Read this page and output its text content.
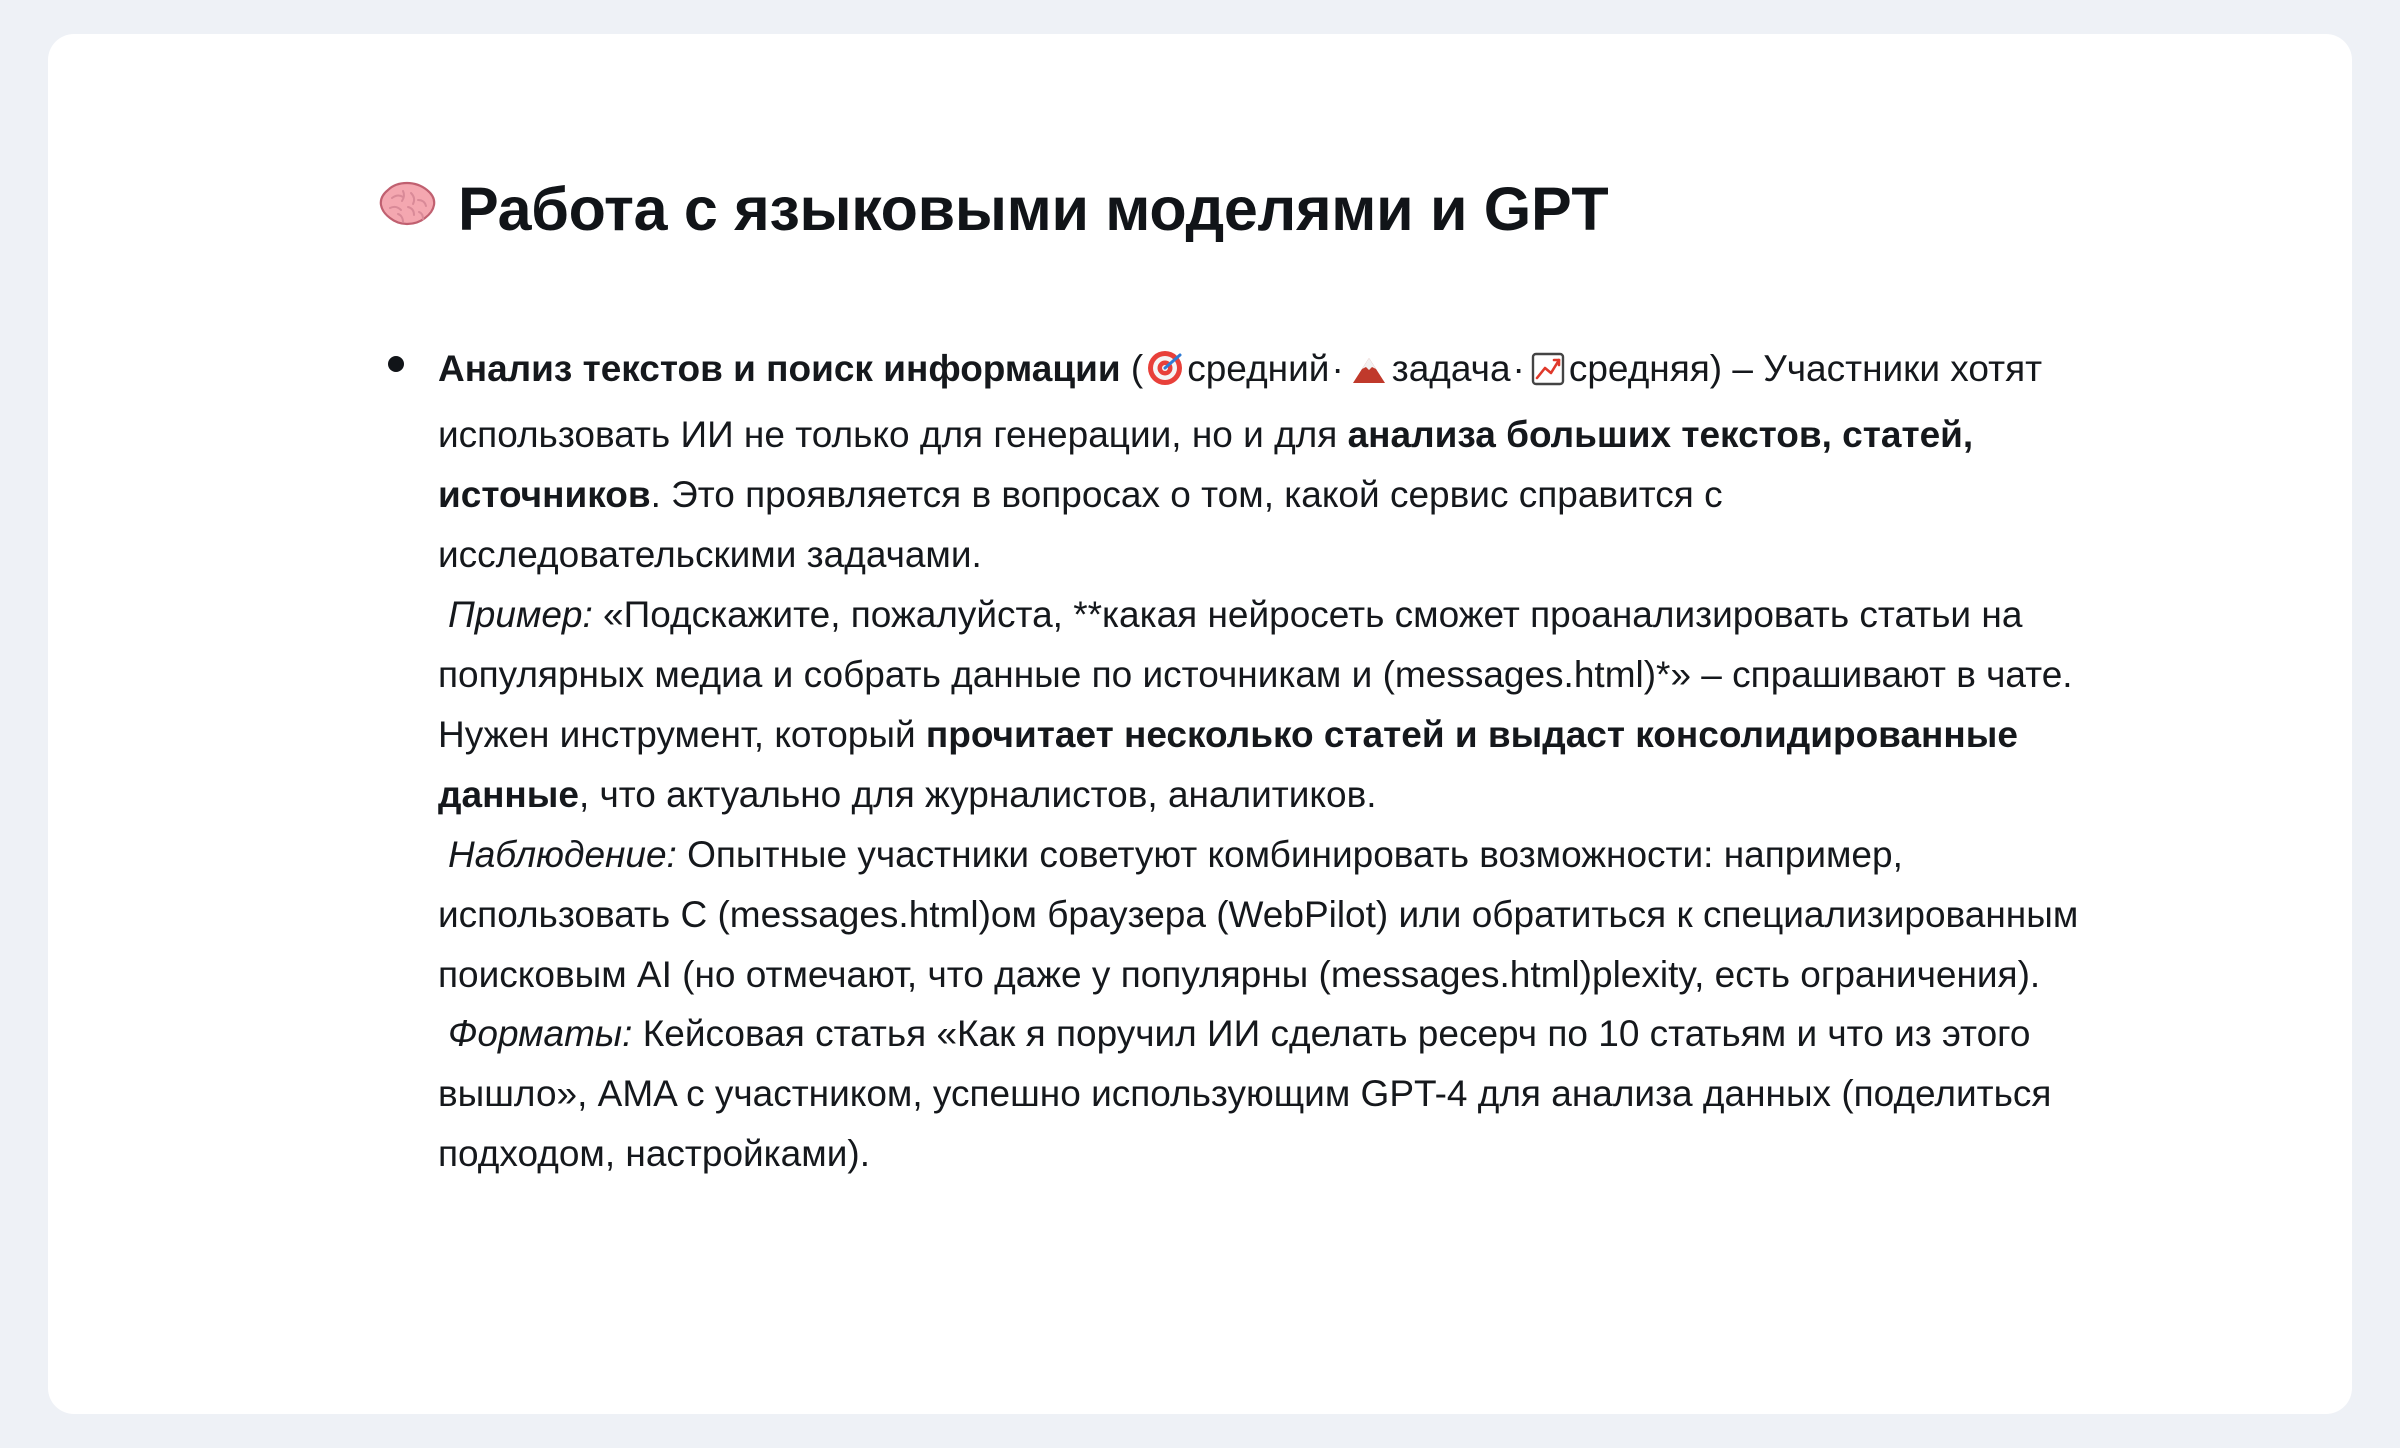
Работа с языковыми моделями и GPT
Анализ текстов и поиск информации ( средний· задача· средняя) – Участники хотят использовать ИИ не только для генерации, но и для анализа больших текстов, статей, источников. Это проявляется в вопросах о том, какой сервис справится с исследовательскими задачами.
Пример: «Подскажите, пожалуйста, **какая нейросеть сможет проанализировать статьи на популярных медиа и собрать данные по источникам и (messages.html)*» – спрашивают в чате. Нужен инструмент, который прочитает несколько статей и выдаст консолидированные данные, что актуально для журналистов, аналитиков.
Наблюдение: Опытные участники советуют комбинировать возможности: например, использовать C (messages.html)ом браузера (WebPilot) или обратиться к специализированным поисковым AI (но отмечают, что даже у популярны (messages.html)plexity, есть ограничения).
Форматы: Кейсовая статья «Как я поручил ИИ сделать ресерч по 10 статьям и что из этого вышло», AMA с участником, успешно использующим GPT-4 для анализа данных (поделиться подходом, настройками).
